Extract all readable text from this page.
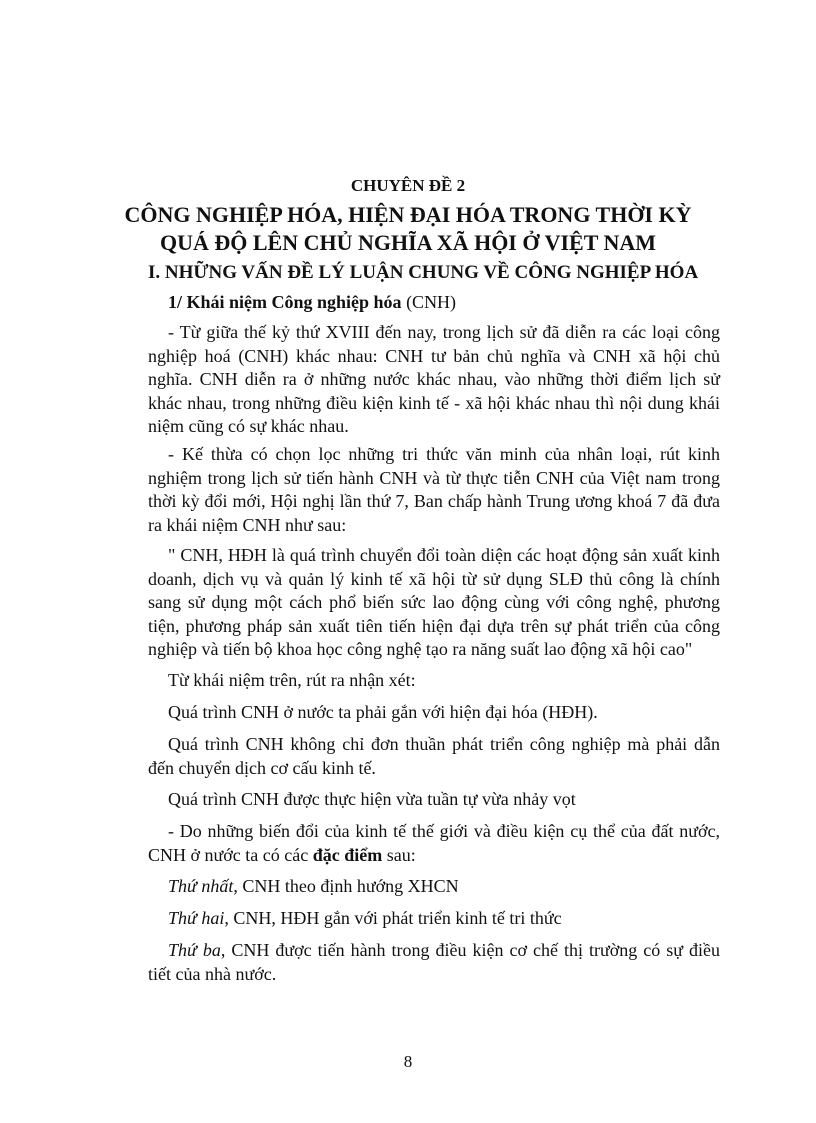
CHUYÊN ĐỀ 2
CÔNG NGHIỆP HÓA, HIỆN ĐẠI HÓA TRONG THỜI KỲ
QUÁ ĐỘ LÊN CHỦ NGHĨA XÃ HỘI Ở VIỆT NAM
I. NHỮNG VẤN ĐỀ LÝ LUẬN CHUNG VỀ CÔNG NGHIỆP HÓA
1/ Khái niệm Công nghiệp hóa (CNH)
- Từ giữa thế kỷ thứ XVIII đến nay, trong lịch sử đã diễn ra các loại công nghiệp hoá (CNH) khác nhau: CNH tư bản chủ nghĩa và CNH xã hội chủ nghĩa. CNH diễn ra ở những nước khác nhau, vào những thời điểm lịch sử khác nhau, trong những điều kiện kinh tế - xã hội khác nhau thì nội dung khái niệm cũng có sự khác nhau.
- Kế thừa có chọn lọc những tri thức văn minh của nhân loại, rút kinh nghiệm trong lịch sử tiến hành CNH và từ thực tiễn CNH của Việt nam trong thời kỳ đổi mới, Hội nghị lần thứ 7, Ban chấp hành Trung ương khoá 7 đã đưa ra khái niệm CNH như sau:
" CNH, HĐH là quá trình chuyển đổi toàn diện các hoạt động sản xuất kinh doanh, dịch vụ và quản lý kinh tế xã hội từ sử dụng SLĐ thủ công là chính sang sử dụng một cách phổ biến sức lao động cùng với công nghệ, phương tiện, phương pháp sản xuất tiên tiến hiện đại dựa trên sự phát triển của công nghiệp và tiến bộ khoa học công nghệ tạo ra năng suất lao động xã hội cao"
Từ khái niệm trên, rút ra nhận xét:
Quá trình CNH ở nước ta phải gắn với hiện đại hóa (HĐH).
Quá trình CNH không chỉ đơn thuần phát triển công nghiệp mà phải dẫn đến chuyển dịch cơ cấu kinh tế.
Quá trình CNH được thực hiện vừa tuần tự vừa nhảy vọt
- Do những biến đổi của kinh tế thế giới và điều kiện cụ thể của đất nước, CNH ở nước ta có các đặc điểm sau:
Thứ nhất, CNH theo định hướng XHCN
Thứ hai, CNH, HĐH gắn với phát triển kinh tế tri thức
Thứ ba, CNH được tiến hành trong điều kiện cơ chế thị trường có sự điều tiết của nhà nước.
8
